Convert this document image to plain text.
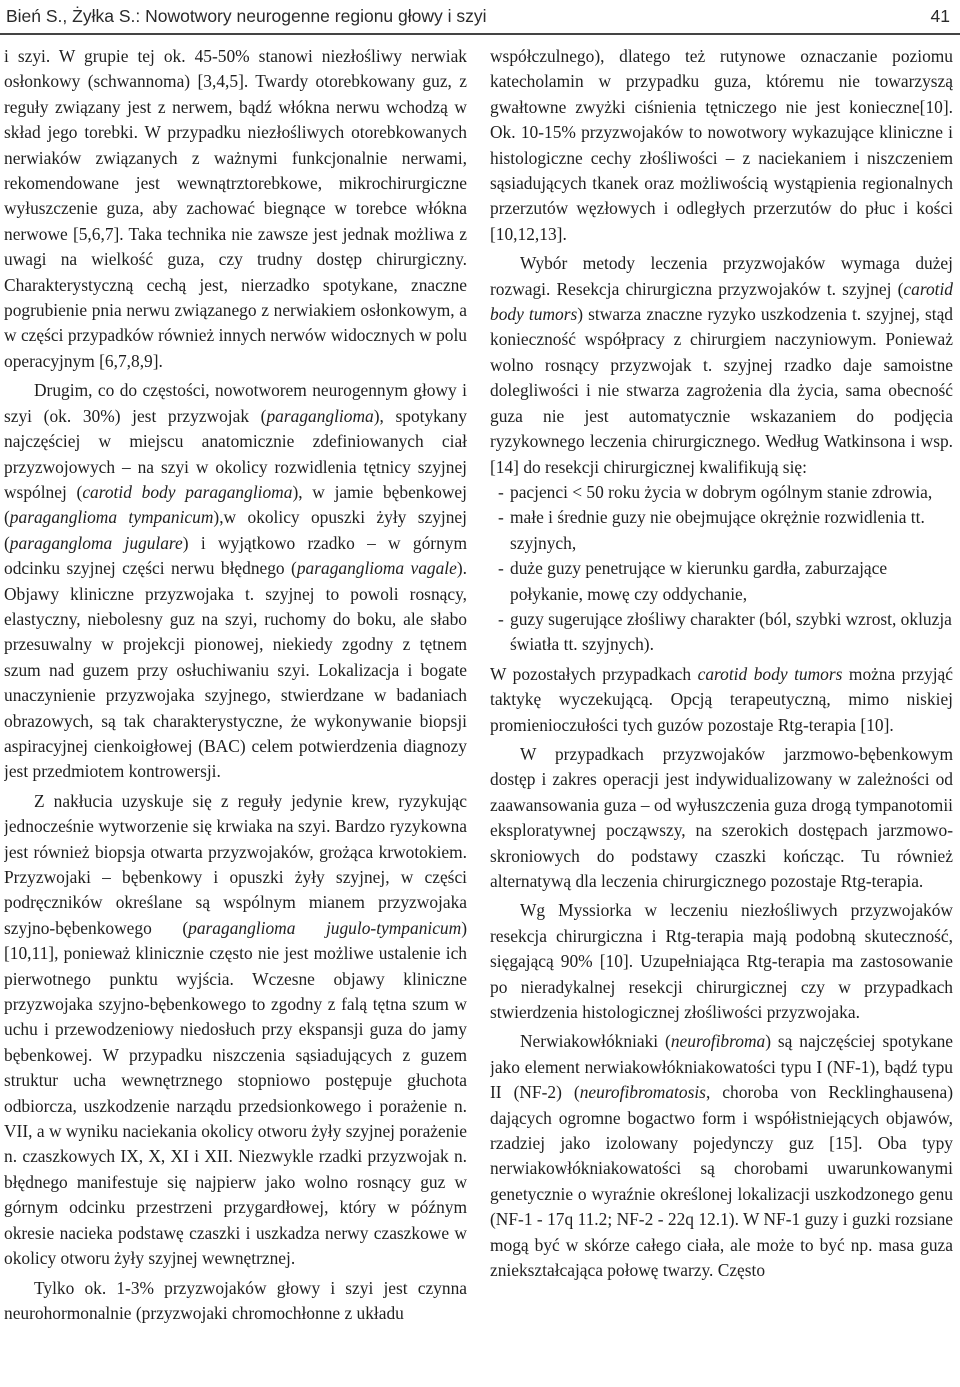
Bień S., Żyłka S.: Nowotwory neurogenne regionu głowy i szyi	41

i szyi. W grupie tej ok. 45-50% stanowi niezłośliwy nerwiak osłonkowy (schwannoma) [3,4,5]. Twardy otorebkowany guz, z reguły związany jest z nerwem, bądź włókna nerwu wchodzą w skład jego torebki. W przypadku niezłośliwych otorebkowanych nerwiaków związanych z ważnymi funkcjonalnie nerwami, rekomendowane jest wewnątrztorebkowe, mikrochirurgiczne wyłuszczenie guza, aby zachować biegnące w torebce włókna nerwowe [5,6,7]. Taka technika nie zawsze jest jednak możliwa z uwagi na wielkość guza, czy trudny dostęp chirurgiczny. Charakterystyczną cechą jest, nierzadko spotykane, znaczne pogrubienie pnia nerwu związanego z nerwiakiem osłonkowym, a w części przypadków również innych nerwów widocznych w polu operacyjnym [6,7,8,9].

Drugim, co do częstości, nowotworem neurogennym głowy i szyi (ok. 30%) jest przyzwojak (paraganglioma), spotykany najczęściej w miejscu anatomicznie zdefiniowanych ciał przyzwojowych – na szyi w okolicy rozwidlenia tętnicy szyjnej wspólnej (carotid body paraganglioma), w jamie bębenkowej (paraganglioma tympanicum),w okolicy opuszki żyły szyjnej (paragangloma jugulare) i wyjątkowo rzadko – w górnym odcinku szyjnej części nerwu błędnego (paraganglioma vagale). Objawy kliniczne przyzwojaka t. szyjnej to powoli rosnący, elastyczny, niebolesny guz na szyi, ruchomy do boku, ale słabo przesuwalny w projekcji pionowej, niekiedy zgodny z tętnem szum nad guzem przy osłuchiwaniu szyi. Lokalizacja i bogate unaczynienie przyzwojaka szyjnego, stwierdzane w badaniach obrazowych, są tak charakterystyczne, że wykonywanie biopsji aspiracyjnej cienkoigłowej (BAC) celem potwierdzenia diagnozy jest przedmiotem kontrowersji.

Z nakłucia uzyskuje się z reguły jedynie krew, ryzykując jednocześnie wytworzenie się krwiaka na szyi. Bardzo ryzykowna jest również biopsja otwarta przyzwojaków, grożąca krwotokiem. Przyzwojaki – bębenkowy i opuszki żyły szyjnej, w części podręczników określane są wspólnym mianem przyzwojaka szyjno-bębenkowego (paraganglioma jugulo-tympanicum) [10,11], ponieważ klinicznie często nie jest możliwe ustalenie ich pierwotnego punktu wyjścia. Wczesne objawy kliniczne przyzwojaka szyjno-bębenkowego to zgodny z falą tętna szum w uchu i przewodzeniowy niedosłuch przy ekspansji guza do jamy bębenkowej. W przypadku niszczenia sąsiadujących z guzem struktur ucha wewnętrznego stopniowo postępuje głuchota odbiorcza, uszkodzenie narządu przedsionkowego i porażenie n. VII, a w wyniku naciekania okolicy otworu żyły szyjnej porażenie n. czaszkowych IX, X, XI i XII. Niezwykle rzadki przyzwojak n. błędnego manifestuje się najpierw jako wolno rosnący guz w górnym odcinku przestrzeni przygardłowej, który w późnym okresie nacieka podstawę czaszki i uszkadza nerwy czaszkowe w okolicy otworu żyły szyjnej wewnętrznej.

Tylko ok. 1-3% przyzwojaków głowy i szyi jest czynna neurohormonalnie (przyzwojaki chromochłonne z układu

współczulnego), dlatego też rutynowe oznaczanie poziomu katecholamin w przypadku guza, któremu nie towarzyszą gwałtowne zwyżki ciśnienia tętniczego nie jest konieczne[10]. Ok. 10-15% przyzwojaków to nowotwory wykazujące kliniczne i histologiczne cechy złośliwości – z naciekaniem i niszczeniem sąsiadujących tkanek oraz możliwością wystąpienia regionalnych przerzutów węzłowych i odległych przerzutów do płuc i kości [10,12,13].

Wybór metody leczenia przyzwojaków wymaga dużej rozwagi. Resekcja chirurgiczna przyzwojaków t. szyjnej (carotid body tumors) stwarza znaczne ryzyko uszkodzenia t. szyjnej, stąd konieczność współpracy z chirurgiem naczyniowym. Ponieważ wolno rosnący przyzwojak t. szyjnej rzadko daje samoistne dolegliwości i nie stwarza zagrożenia dla życia, sama obecność guza nie jest automatycznie wskazaniem do podjęcia ryzykownego leczenia chirurgicznego. Według Watkinsona i wsp. [14] do resekcji chirurgicznej kwalifikują się:

- pacjenci < 50 roku życia w dobrym ogólnym stanie zdrowia,
- małe i średnie guzy nie obejmujące okrężnie rozwidlenia tt. szyjnych,
- duże guzy penetrujące w kierunku gardła, zaburzające połykanie, mowę czy oddychanie,
- guzy sugerujące złośliwy charakter (ból, szybki wzrost, okluzja światła tt. szyjnych).

W pozostałych przypadkach carotid body tumors można przyjąć taktykę wyczekującą. Opcją terapeutyczną, mimo niskiej promienioczułości tych guzów pozostaje Rtg-terapia [10].

W przypadkach przyzwojaków jarzmowo-bębenkowym dostęp i zakres operacji jest indywidualizowany w zależności od zaawansowania guza – od wyłuszczenia guza drogą tympanotomii eksploratywnej począwszy, na szerokich dostępach jarzmowo-skroniowych do podstawy czaszki kończąc. Tu również alternatywą dla leczenia chirurgicznego pozostaje Rtg-terapia.

Wg Myssiorka w leczeniu niezłośliwych przyzwojaków resekcja chirurgiczna i Rtg-terapia mają podobną skuteczność, sięgającą 90% [10]. Uzupełniająca Rtg-terapia ma zastosowanie po nieradykalnej resekcji chirurgicznej czy w przypadkach stwierdzenia histologicznej złośliwości przyzwojaka.

Nerwiakowłókniaki (neurofibroma) są najczęściej spotykane jako element nerwiakowłókniakowatości typu I (NF-1), bądź typu II (NF-2) (neurofibromatosis, choroba von Recklinghausena) dających ogromne bogactwo form i współistniejących objawów, rzadziej jako izolowany pojedynczy guz [15]. Oba typy nerwiakowłókniakowatości są chorobami uwarunkowanymi genetycznie o wyraźnie określonej lokalizacji uszkodzonego genu (NF-1 - 17q 11.2; NF-2 - 22q 12.1). W NF-1 guzy i guzki rozsiane mogą być w skórze całego ciała, ale może to być np. masa guza zniekształcająca połowę twarzy. Często
